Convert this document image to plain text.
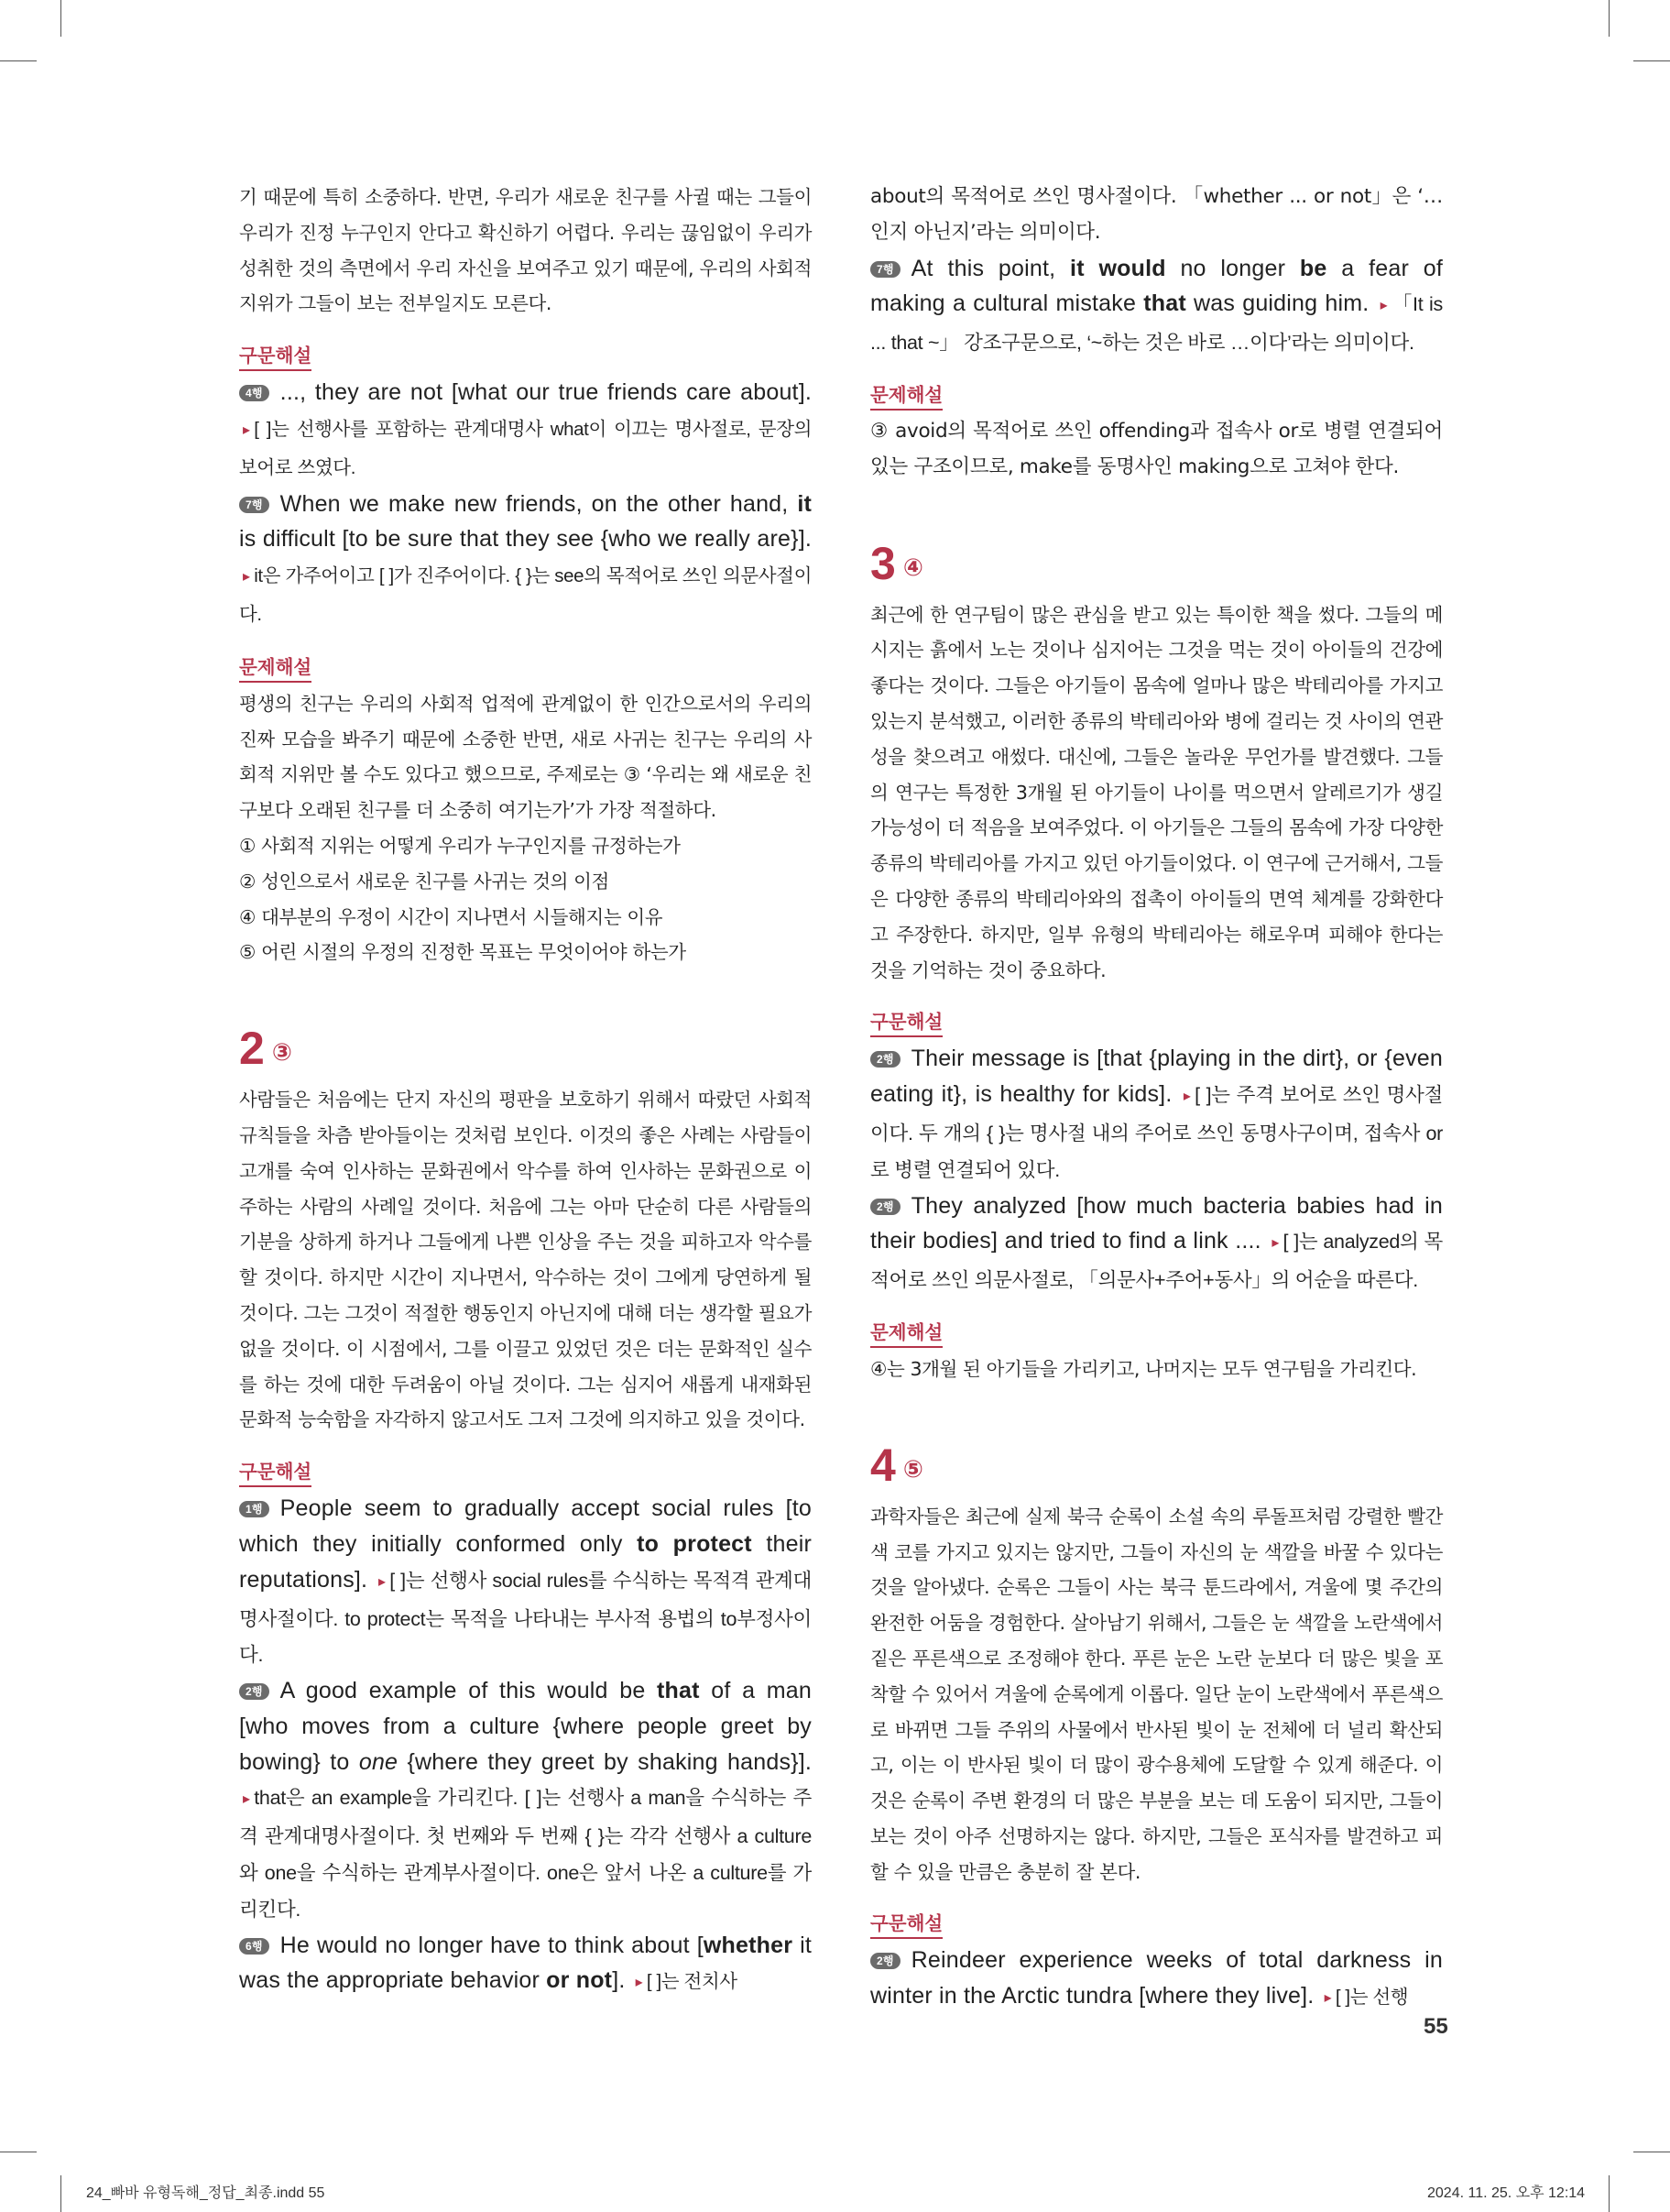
기 때문에 특히 소중하다. 반면, 우리가 새로운 친구를 사귈 때는 그들이 우리가 진정 누구인지 안다고 확신하기 어렵다. 우리는 끊임없이 우리가 성취한 것의 측면에서 우리 자신을 보여주고 있기 때문에, 우리의 사회적 지위가 그들이 보는 전부일지도 모른다.

구문해설

4행 ..., they are not [what our true friends care about]. ▸ [ ]는 선행사를 포함하는 관계대명사 what이 이끄는 명사절로, 문장의 보어로 쓰였다.

7행 When we make new friends, on the other hand, it is difficult [to be sure that they see {who we really are}]. ▸ it은 가주어이고 [ ]가 진주어이다. { }는 see의 목적어로 쓰인 의문사절이다.

문제해설

평생의 친구는 우리의 사회적 업적에 관계없이 한 인간으로서의 우리의 진짜 모습을 봐주기 때문에 소중한 반면, 새로 사귀는 친구는 우리의 사회적 지위만 볼 수도 있다고 했으므로, 주제로는 ③ ‘우리는 왜 새로운 친구보다 오래된 친구를 더 소중히 여기는가’가 가장 적절하다.

① 사회적 지위는 어떻게 우리가 누구인지를 규정하는가

② 성인으로서 새로운 친구를 사귀는 것의 이점

④ 대부분의 우정이 시간이 지나면서 시들해지는 이유

⑤ 어린 시절의 우정의 진정한 목표는 무엇이어야 하는가

2 ③

사람들은 처음에는 단지 자신의 평판을 보호하기 위해서 따랐던 사회적 규칙들을 차츰 받아들이는 것처럼 보인다. 이것의 좋은 사례는 사람들이 고개를 숙여 인사하는 문화권에서 악수를 하여 인사하는 문화권으로 이주하는 사람의 사례일 것이다. 처음에 그는 아마 단순히 다른 사람들의 기분을 상하게 하거나 그들에게 나쁜 인상을 주는 것을 피하고자 악수를 할 것이다. 하지만 시간이 지나면서, 악수하는 것이 그에게 당연하게 될 것이다. 그는 그것이 적절한 행동인지 아닌지에 대해 더는 생각할 필요가 없을 것이다. 이 시점에서, 그를 이끌고 있었던 것은 더는 문화적인 실수를 하는 것에 대한 두려움이 아닐 것이다. 그는 심지어 새롭게 내재화된 문화적 능숙함을 자각하지 않고서도 그저 그것에 의지하고 있을 것이다.

구문해설

1행 People seem to gradually accept social rules [to which they initially conformed only to protect their reputations]. ▸ [ ]는 선행사 social rules를 수식하는 목적격 관계대명사절이다. to protect는 목적을 나타내는 부사적 용법의 to부정사이다.

2행 A good example of this would be that of a man [who moves from a culture {where people greet by bowing} to one {where they greet by shaking hands}]. ▸ that은 an example을 가리킨다. [ ]는 선행사 a man을 수식하는 주격 관계대명사절이다. 첫 번째와 두 번째 { }는 각각 선행사 a culture와 one을 수식하는 관계부사절이다. one은 앞서 나온 a culture를 가리킨다.

6행 He would no longer have to think about [whether it was the appropriate behavior or not]. ▸ [ ]는 전치사

about의 목적어로 쓰인 명사절이다. 「whether ... or not」은 ‘…인지 아닌지’라는 의미이다.

7행 At this point, it would no longer be a fear of making a cultural mistake that was guiding him. ▸ 「It is ... that ~」 강조구문으로, ‘~하는 것은 바로 …이다’라는 의미이다.

문제해설

③ avoid의 목적어로 쓰인 offending과 접속사 or로 병렬 연결되어 있는 구조이므로, make를 동명사인 making으로 고쳐야 한다.

3 ④

최근에 한 연구팀이 많은 관심을 받고 있는 특이한 책을 썼다. 그들의 메시지는 흙에서 노는 것이나 심지어는 그것을 먹는 것이 아이들의 건강에 좋다는 것이다. 그들은 아기들이 몸속에 얼마나 많은 박테리아를 가지고 있는지 분석했고, 이러한 종류의 박테리아와 병에 걸리는 것 사이의 연관성을 찾으려고 애썼다. 대신에, 그들은 놀라운 무언가를 발견했다. 그들의 연구는 특정한 3개월 된 아기들이 나이를 먹으면서 알레르기가 생길 가능성이 더 적음을 보여주었다. 이 아기들은 그들의 몸속에 가장 다양한 종류의 박테리아를 가지고 있던 아기들이었다. 이 연구에 근거해서, 그들은 다양한 종류의 박테리아와의 접촉이 아이들의 면역 체계를 강화한다고 주장한다. 하지만, 일부 유형의 박테리아는 해로우며 피해야 한다는 것을 기억하는 것이 중요하다.

구문해설

2행 Their message is [that {playing in the dirt}, or {even eating it}, is healthy for kids]. ▸ [ ]는 주격 보어로 쓰인 명사절이다. 두 개의 { }는 명사절 내의 주어로 쓰인 동명사구이며, 접속사 or로 병렬 연결되어 있다.

2행 They analyzed [how much bacteria babies had in their bodies] and tried to find a link .... ▸ [ ]는 analyzed의 목적어로 쓰인 의문사절로, 「의문사+주어+동사」의 어순을 따른다.

문제해설

④는 3개월 된 아기들을 가리키고, 나머지는 모두 연구팀을 가리킨다.

4 ⑤

과학자들은 최근에 실제 북극 순록이 소설 속의 루돌프처럼 강렬한 빨간색 코를 가지고 있지는 않지만, 그들이 자신의 눈 색깔을 바꿀 수 있다는 것을 알아냈다. 순록은 그들이 사는 북극 툰드라에서, 겨울에 몇 주간의 완전한 어둠을 경험한다. 살아남기 위해서, 그들은 눈 색깔을 노란색에서 짙은 푸른색으로 조정해야 한다. 푸른 눈은 노란 눈보다 더 많은 빛을 포착할 수 있어서 겨울에 순록에게 이롭다. 일단 눈이 노란색에서 푸른색으로 바뀌면 그들 주위의 사물에서 반사된 빛이 눈 전체에 더 널리 확산되고, 이는 이 반사된 빛이 더 많이 광수용체에 도달할 수 있게 해준다. 이것은 순록이 주변 환경의 더 많은 부분을 보는 데 도움이 되지만, 그들이 보는 것이 아주 선명하지는 않다. 하지만, 그들은 포식자를 발견하고 피할 수 있을 만큼은 충분히 잘 본다.

구문해설

2행 Reindeer experience weeks of total darkness in winter in the Arctic tundra [where they live]. ▸ [ ]는 선행

55
24_빠바 유형독해_정답_최종.indd 55	2024. 11. 25. 오후 12:14
